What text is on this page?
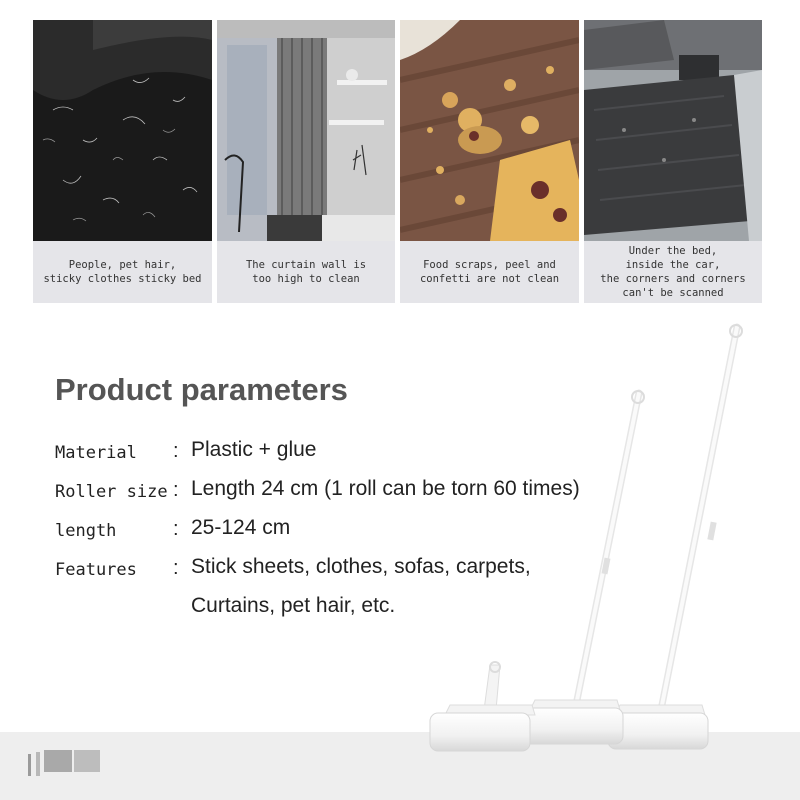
People, pet hair,
sticky clothes sticky bed
The curtain wall is
too high to clean
Food scraps, peel and
confetti are not clean
Under the bed,
inside the car,
the corners and corners
can't be scanned
Product parameters
Material : Plastic + glue
Roller size : Length 24 cm (1 roll can be torn 60 times)
length	: 25-124 cm
Features : Stick sheets, clothes, sofas, carpets,
Curtains, pet hair, etc.
